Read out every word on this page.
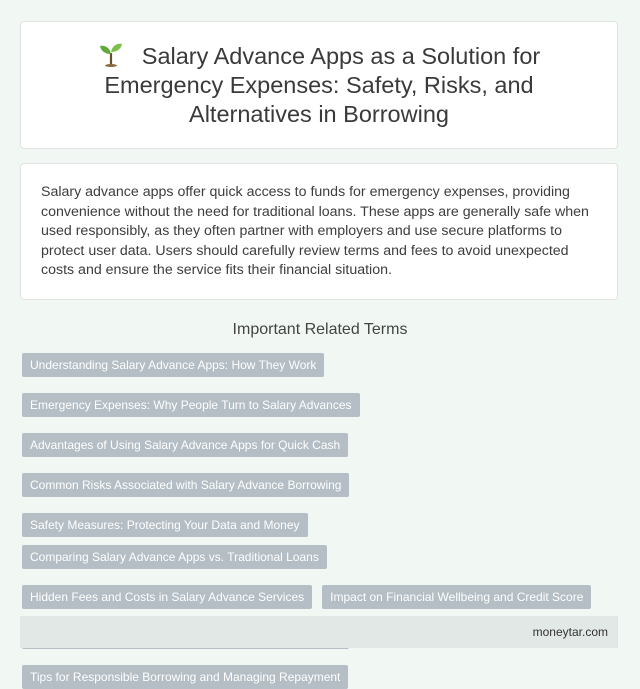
Salary Advance Apps as a Solution for Emergency Expenses: Safety, Risks, and Alternatives in Borrowing

Salary advance apps offer quick access to funds for emergency expenses, providing convenience without the need for traditional loans. These apps are generally safe when used responsibly, as they often partner with employers and use secure platforms to protect user data. Users should carefully review terms and fees to avoid unexpected costs and ensure the service fits their financial situation.

Important Related Terms
Understanding Salary Advance Apps: How They Work
Emergency Expenses: Why People Turn to Salary Advances
Advantages of Using Salary Advance Apps for Quick Cash
Common Risks Associated with Salary Advance Borrowing
Safety Measures: Protecting Your Data and Money
Comparing Salary Advance Apps vs. Traditional Loans
Hidden Fees and Costs in Salary Advance Services	Impact on Financial Wellbeing and Credit Score
Tips for Responsible Borrowing and Managing Repayment
moneytar.com
